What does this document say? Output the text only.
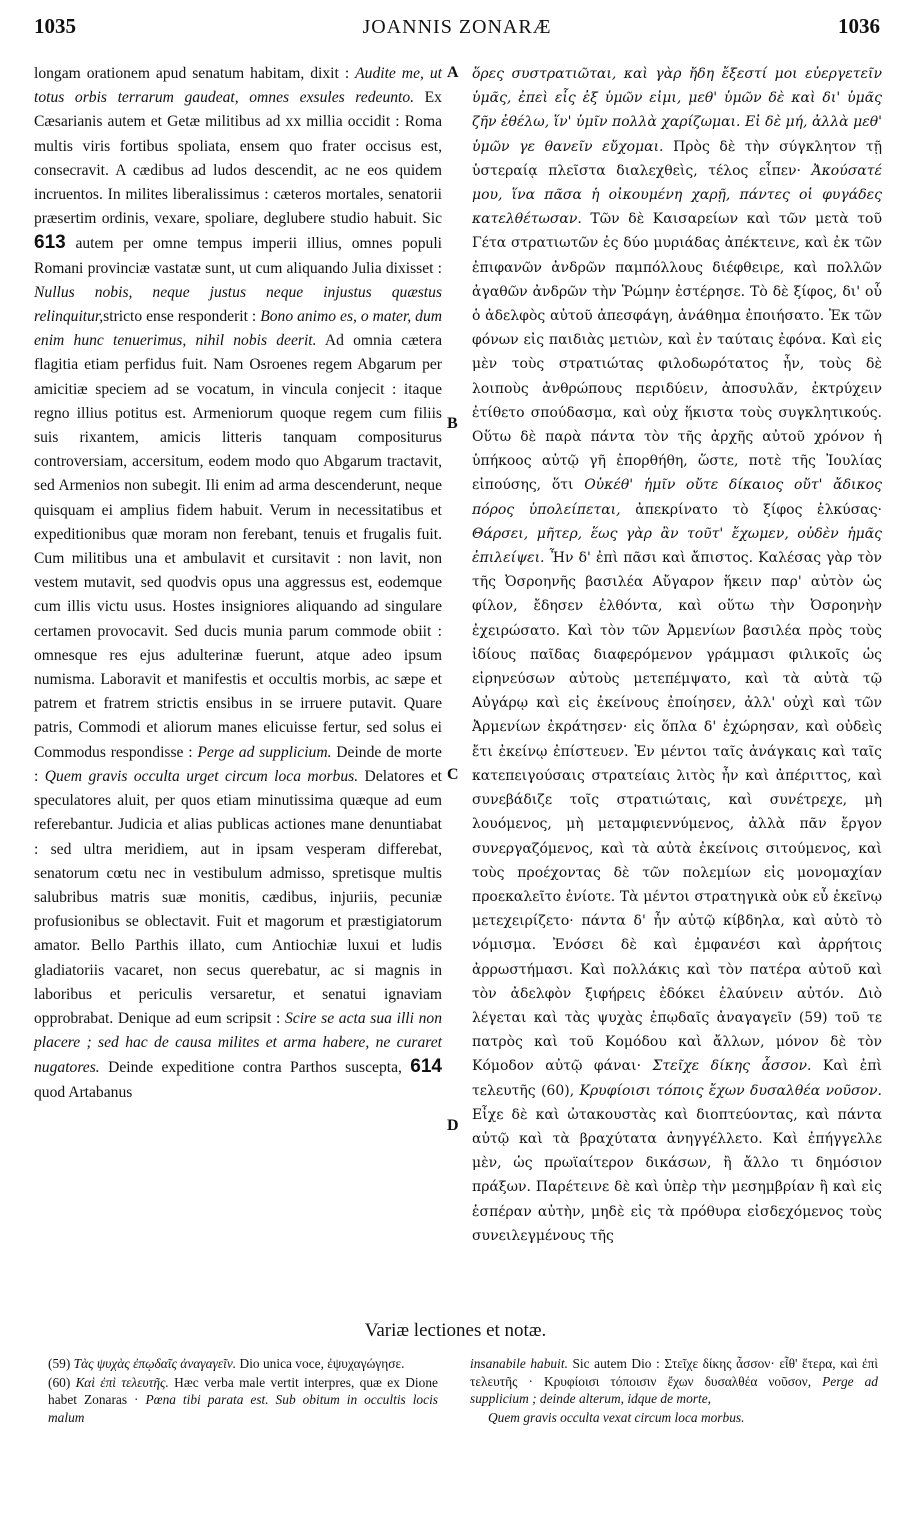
1035	JOANNIS ZONARÆ	1036
A
B
C
D

longam orationem apud senatum habitam, dixit : Audite me, ut totus orbis terrarum gaudeat, omnes exsules redeunto. Ex Cæsarianis autem et Getæ militibus ad xx millia occidit : Roma multis viris fortibus spoliata, ensem quo frater occisus est, consecravit. A cædibus ad ludos descendit, ac ne eos quidem incruentos. In milites liberalissimus : cæteros mortales, senatorii præsertim ordinis, vexare, spoliare, deglubere studio habuit. Sic 613 autem per omne tempus imperii illius, omnes populi Romani provinciæ vastatæ sunt, ut cum aliquando Julia dixisset : Nullus nobis, neque justus neque injustus quæstus relinquitur,stricto ense responderit : Bono animo es, o mater, dum enim hunc tenuerimus, nihil nobis deerit. Ad omnia cætera flagitia etiam perfidus fuit. Nam Osroenes regem Abgarum per amicitiæ speciem ad se vocatum, in vincula conjecit : itaque regno illius potitus est. Armeniorum quoque regem cum filiis suis rixantem, amicis litteris tanquam compositurus controversiam, accersitum, eodem modo quo Abgarum tractavit, sed Armenios non subegit. Ili enim ad arma descenderunt, neque quisquam ei amplius fidem habuit. Verum in necessitatibus et expeditionibus quæ moram non ferebant, tenuis et frugalis fuit. Cum militibus una et ambulavit et cursitavit : non lavit, non vestem mutavit, sed quodvis opus una aggressus est, eodemque cum illis victu usus. Hostes insigniores aliquando ad singulare certamen provocavit. Sed ducis munia parum commode obiit : omnesque res ejus adulterinæ fuerunt, atque adeo ipsum numisma. Laboravit et manifestis et occultis morbis, ac sæpe et patrem et fratrem strictis ensibus in se irruere putavit. Quare patris, Commodi et aliorum manes elicuisse fertur, sed solus ei Commodus respondisse : Perge ad supplicium. Deinde de morte : Quem gravis occulta urget circum loca morbus. Delatores et speculatores aluit, per quos etiam minutissima quæque ad eum referebantur. Judicia et alias publicas actiones mane denuntiabat : sed ultra meridiem, aut in ipsam vesperam differebat, senatorum cœtu nec in vestibulum admisso, spretisque multis salubribus matris suæ monitis, cædibus, injuriis, pecuniæ profusionibus se oblectavit. Fuit et magorum et præstigiatorum amator. Bello Parthis illato, cum Antiochiæ luxui et ludis gladiatoriis vacaret, non secus querebatur, ac si magnis in laboribus et periculis versaretur, et senatui ignaviam opprobrabat. Denique ad eum scripsit : Scire se acta sua illi non placere ; sed hac de causa milites et arma habere, ne curaret nugatores. Deinde expeditione contra Parthos suscepta, 614 quod Artabanus

ὅρες συστρατιῶται, καὶ γὰρ ἤδη ἔξεστί μοι εὐεργετεῖν ὑμᾶς, ἐπεὶ εἷς ἐξ ὑμῶν εἰμι, μεθ' ὑμῶν δὲ καὶ δι' ὑμᾶς ζῆν ἐθέλω, ἵν' ὑμῖν πολλὰ χαρίζωμαι. Εἰ δὲ μή, ἀλλὰ μεθ' ὑμῶν γε θανεῖν εὔχομαι. Πρὸς δὲ τὴν σύγκλητον τῇ ὑστεραίᾳ πλεῖστα διαλεχθεὶς, τέλος εἶπεν· Ἀκούσατέ μου, ἵνα πᾶσα ἡ οἰκουμένη χαρῇ, πάντες οἱ φυγάδες κατελθέτωσαν. Τῶν δὲ Καισαρείων καὶ τῶν μετὰ τοῦ Γέτα στρατιωτῶν ἐς δύο μυριάδας ἀπέκτεινε, καὶ ἐκ τῶν ἐπιφανῶν ἀνδρῶν παμπόλλους διέφθειρε, καὶ πολλῶν ἀγαθῶν ἀνδρῶν τὴν Ῥώμην ἐστέρησε. Τὸ δὲ ξίφος, δι' οὗ ὁ ἀδελφὸς αὐτοῦ ἀπεσφάγη, ἀνάθημα ἐποιήσατο. Ἐκ τῶν φόνων εἰς παιδιὰς μετιὼν, καὶ ἐν ταύταις ἐφόνα. Καὶ εἰς μὲν τοὺς στρατιώτας φιλοδωρότατος ἦν, τοὺς δὲ λοιποὺς ἀνθρώπους περιδύειν, ἀποσυλᾶν, ἐκτρύχειν ἐτίθετο σπούδασμα, καὶ οὐχ ἥκιστα τοὺς συγκλητικούς. Οὕτω δὲ παρὰ πάντα τὸν τῆς ἀρχῆς αὐτοῦ χρόνον ἡ ὑπήκοος αὐτῷ γῆ ἐπορθήθη, ὥστε, ποτὲ τῆς Ἰουλίας εἰπούσης, ὅτι Οὐκέθ' ἡμῖν οὔτε δίκαιος οὔτ' ἄδικος πόρος ὑπολείπεται, ἀπεκρίνατο τὸ ξίφος ἑλκύσας· Θάρσει, μῆτερ, ἕως γὰρ ἂν τοῦτ' ἔχωμεν, οὐδὲν ἡμᾶς ἐπιλείψει. Ἦν δ' ἐπὶ πᾶσι καὶ ἄπιστος. Καλέσας γὰρ τὸν τῆς Ὀσροηνῆς βασιλέα Αὔγαρον ἥκειν παρ' αὐτὸν ὡς φίλον, ἔδησεν ἐλθόντα, καὶ οὕτω τὴν Ὀσροηνὴν ἐχειρώσατο. Καὶ τὸν τῶν Ἀρμενίων βασιλέα πρὸς τοὺς ἰδίους παῖδας διαφερόμενον γράμμασι φιλικοῖς ὡς εἰρηνεύσων αὐτοὺς μετεπέμψατο, καὶ τὰ αὐτὰ τῷ Αὐγάρῳ καὶ εἰς ἐκείνους ἐποίησεν, ἀλλ' οὐχὶ καὶ τῶν Ἀρμενίων ἐκράτησεν· εἰς ὅπλα δ' ἐχώρησαν, καὶ οὐδεὶς ἔτι ἐκείνῳ ἐπίστευεν. Ἐν μέντοι ταῖς ἀνάγκαις καὶ ταῖς κατεπειγούσαις στρατείαις λιτὸς ἦν καὶ ἀπέριττος, καὶ συνεβάδιζε τοῖς στρατιώταις, καὶ συνέτρεχε, μὴ λουόμενος, μὴ μεταμφιεννύμενος, ἀλλὰ πᾶν ἔργον συνεργαζόμενος, καὶ τὰ αὐτὰ ἐκείνοις σιτούμενος, καὶ τοὺς προέχοντας δὲ τῶν πολεμίων εἰς μονομαχίαν προεκαλεῖτο ἐνίοτε. Τὰ μέντοι στρατηγικὰ οὐκ εὖ ἐκεῖνῳ μετεχειρίζετο· πάντα δ' ἦν αὐτῷ κίβδηλα, καὶ αὐτὸ τὸ νόμισμα. Ἐνόσει δὲ καὶ ἐμφανέσι καὶ ἀρρήτοις ἀρρωστήμασι. Καὶ πολλάκις καὶ τὸν πατέρα αὐτοῦ καὶ τὸν ἀδελφὸν ξιφήρεις ἐδόκει ἐλαύνειν αὐτόν. Διὸ λέγεται καὶ τὰς ψυχὰς ἐπῳδαῖς ἀναγαγεῖν (59) τοῦ τε πατρὸς καὶ τοῦ Κομόδου καὶ ἄλλων, μόνον δὲ τὸν Κόμοδον αὐτῷ φάναι· Στεῖχε δίκης ἆσσον. Καὶ ἐπὶ τελευτῆς (60), Κρυφίοισι τόποις ἔχων δυσαλθέα νοῦσον. Εἶχε δὲ καὶ ὠτακουστὰς καὶ διοπτεύοντας, καὶ πάντα αὐτῷ καὶ τὰ βραχύτατα ἀνηγγέλλετο. Καὶ ἐπήγγελλε μὲν, ὡς πρωϊαίτερον δικάσων, ἢ ἄλλο τι δημόσιον πράξων. Παρέτεινε δὲ καὶ ὑπὲρ τὴν μεσημβρίαν ἢ καὶ εἰς ἑσπέραν αὐτὴν, μηδὲ εἰς τὰ πρόθυρα εἰσδεχόμενος τοὺς συνειλεγμένους τῆς

Variæ lectiones et notæ.

(59) Τὰς ψυχὰς ἐπῳδαῖς ἀναγαγεῖν. Dio unica voce, ἐψυχαγώγησε.

(60) Καὶ ἐπὶ τελευτῆς. Hæc verba male vertit interpres, quæ ex Dione habet Zonaras · Pœna tibi parata est. Sub obitum in occultis locis malum

insanabile habuit. Sic autem Dio : Στεῖχε δίκης ἆσσον· εἶθ' ἕτερα, καὶ ἐπὶ τελευτῆς · Κρυφίοισι τόποισιν ἔχων δυσαλθέα νοῦσον, Perge ad supplicium ; deinde alterum, idque de morte,

Quem gravis occulta vexat circum loca morbus.
